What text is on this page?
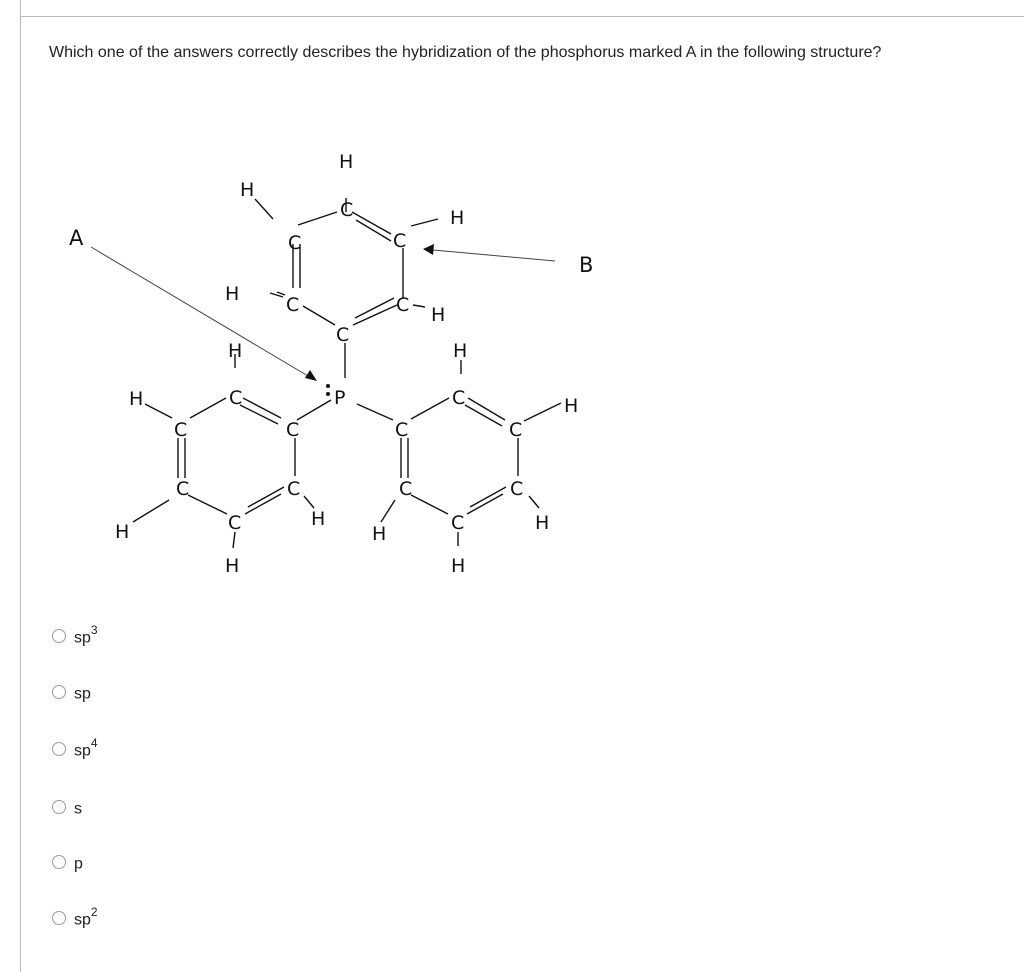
Which one of the answers correctly describes the hybridization of the phosphorus marked A in the following structure?
A
B
H
C
H
C	C
H
H C	C H
C
P
H
H	C
C	C
C	C
H
H	C
H
H
C
C	C
H
C	C
H
H	C
H
$sp^3$
sp
$sp^4$
s
p
$sp^2$
